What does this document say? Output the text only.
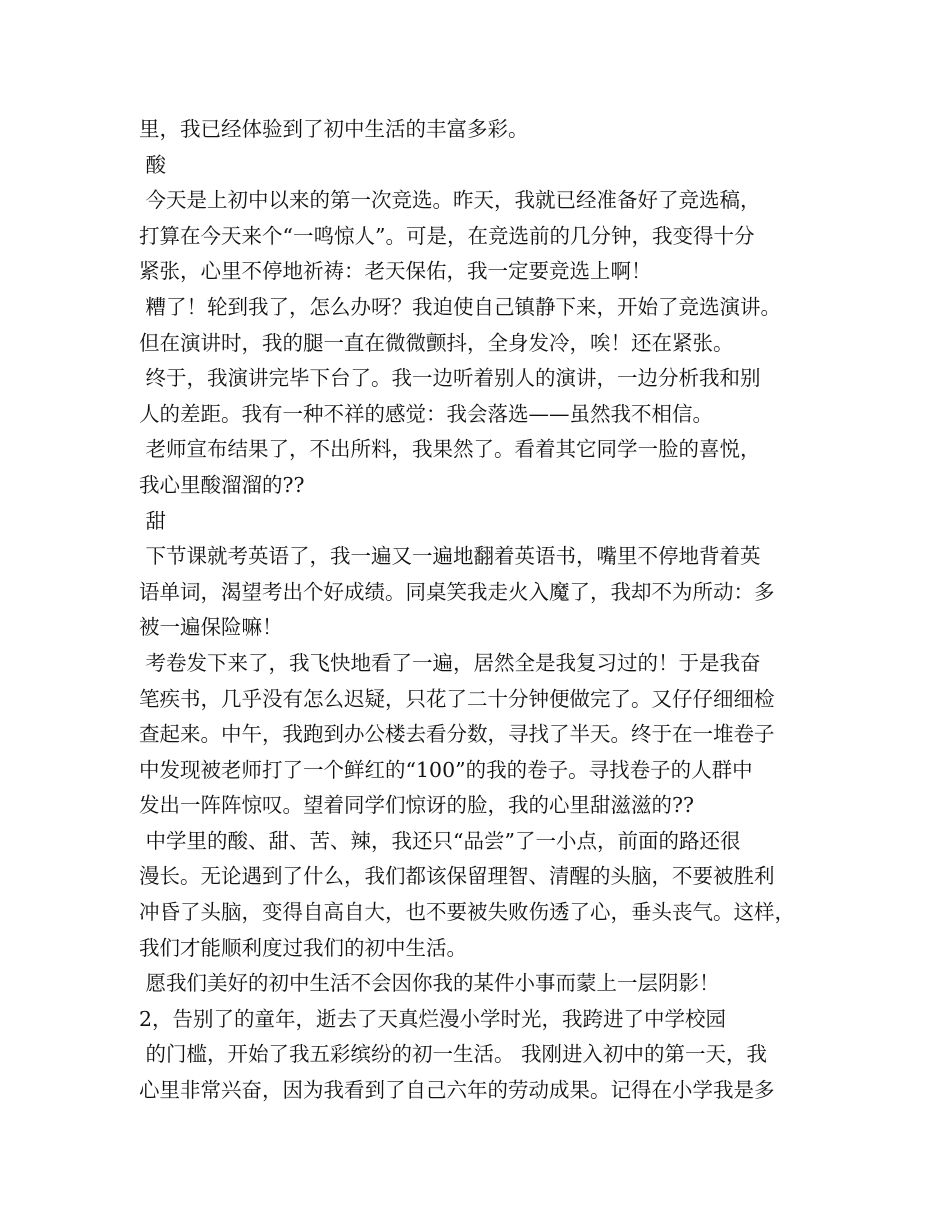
里，我已经体验到了初中生活的丰富多彩。

酸

今天是上初中以来的第一次竞选。昨天，我就已经准备好了竞选稿，

打算在今天来个“一鸣惊人”。可是，在竞选前的几分钟，我变得十分

紧张，心里不停地祈祷：老天保佑，我一定要竞选上啊！

糟了！轮到我了，怎么办呀？我迫使自己镇静下来，开始了竞选演讲。

但在演讲时，我的腿一直在微微颤抖，全身发冷，唉！还在紧张。

终于，我演讲完毕下台了。我一边听着别人的演讲，一边分析我和别

人的差距。我有一种不祥的感觉：我会落选——虽然我不相信。

老师宣布结果了，不出所料，我果然了。看着其它同学一脸的喜悦，

我心里酸溜溜的??

甜

下节课就考英语了，我一遍又一遍地翻着英语书，嘴里不停地背着英

语单词，渴望考出个好成绩。同桌笑我走火入魔了，我却不为所动：多

被一遍保险嘛！

考卷发下来了，我飞快地看了一遍，居然全是我复习过的！于是我奋

笔疾书，几乎没有怎么迟疑，只花了二十分钟便做完了。又仔仔细细检

查起来。中午，我跑到办公楼去看分数，寻找了半天。终于在一堆卷子

中发现被老师打了一个鲜红的“100”的我的卷子。寻找卷子的人群中

发出一阵阵惊叹。望着同学们惊讶的脸，我的心里甜滋滋的??

中学里的酸、甜、苦、辣，我还只“品尝”了一小点，前面的路还很

漫长。无论遇到了什么，我们都该保留理智、清醒的头脑，不要被胜利

冲昏了头脑，变得自高自大，也不要被失败伤透了心，垂头丧气。这样，

我们才能顺利度过我们的初中生活。

愿我们美好的初中生活不会因你我的某件小事而蒙上一层阴影！

2，告别了的童年，逝去了天真烂漫小学时光，我跨进了中学校园

的门槛，开始了我五彩缤纷的初一生活。 我刚进入初中的第一天，我

心里非常兴奋，因为我看到了自己六年的劳动成果。记得在小学我是多
